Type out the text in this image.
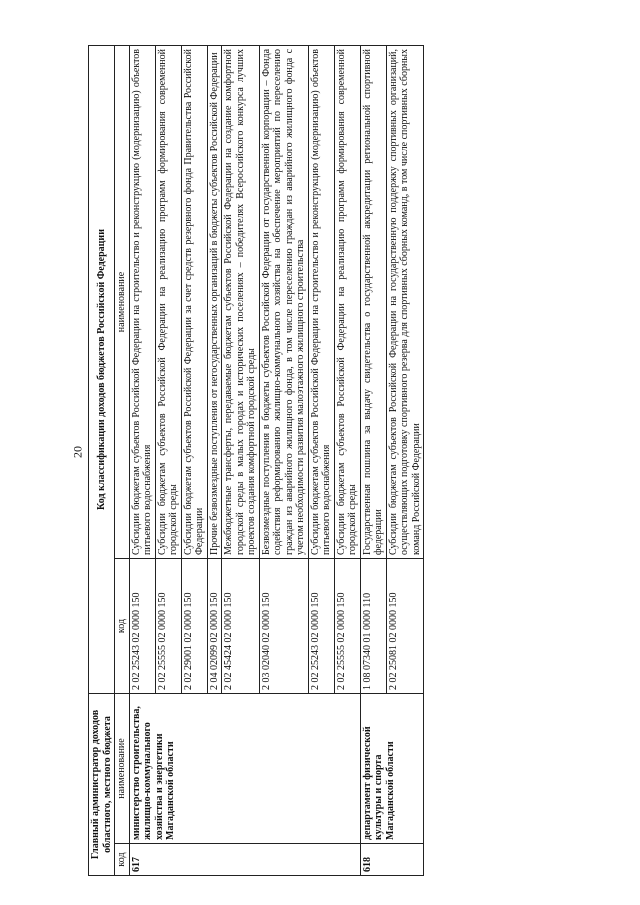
20
Главный администратор доходов областного, местного бюджета		Код классификации доходов бюджетов Российской Федерации	
код	наименование	код	наименование
617	министерство строительства, жилищно-коммунального хозяйства и энергетики Магаданской области	2 02 25243 02 0000 150	Субсидии бюджетам субъектов Российской Федерации на строительство и реконструкцию (модернизацию) объектов питьевого водоснабжения
		2 02 25555 02 0000 150	Субсидии бюджетам субъектов Российской Федерации на реализацию программ формирования современной городской среды
		2 02 29001 02 0000 150	Субсидии бюджетам субъектов Российской Федерации за счет средств резервного фонда Правительства Российской Федерации
		2 04 02099 02 0000 150	Прочие безвозмездные поступления от негосударственных организаций в бюджеты субъектов Российской Федерации
		2 02 45424 02 0000 150	Межбюджетные трансферты, передаваемые бюджетам субъектов Российской Федерации на создание комфортной городской среды в малых городах и исторических поселениях – победителях Всероссийского конкурса лучших проектов создания комфортной городской среды
		2 03 02040 02 0000 150	Безвозмездные поступления в бюджеты субъектов Российской Федерации от государственной корпорации – Фонда содействия реформированию жилищно-коммунального хозяйства на обеспечение мероприятий по переселению граждан из аварийного жилищного фонда, в том числе переселению граждан из аварийного жилищного фонда с учетом необходимости развития малоэтажного жилищного строительства
		2 02 25243 02 0000 150	Субсидии бюджетам субъектов Российской Федерации на строительство и реконструкцию (модернизацию) объектов питьевого водоснабжения
		2 02 25555 02 0000 150	Субсидии бюджетам субъектов Российской Федерации на реализацию программ формирования современной городской среды
618	департамент физической культуры и спорта Магаданской области	1 08 07340 01 0000 110	Государственная пошлина за выдачу свидетельства о государственной аккредитации региональной спортивной федерации
		2 02 25081 02 0000 150	Субсидии бюджетам субъектов Российской Федерации на государственную поддержку спортивных организаций, осуществляющих подготовку спортивного резерва для спортивных сборных команд, в том числе спортивных сборных команд Российской Федерации
